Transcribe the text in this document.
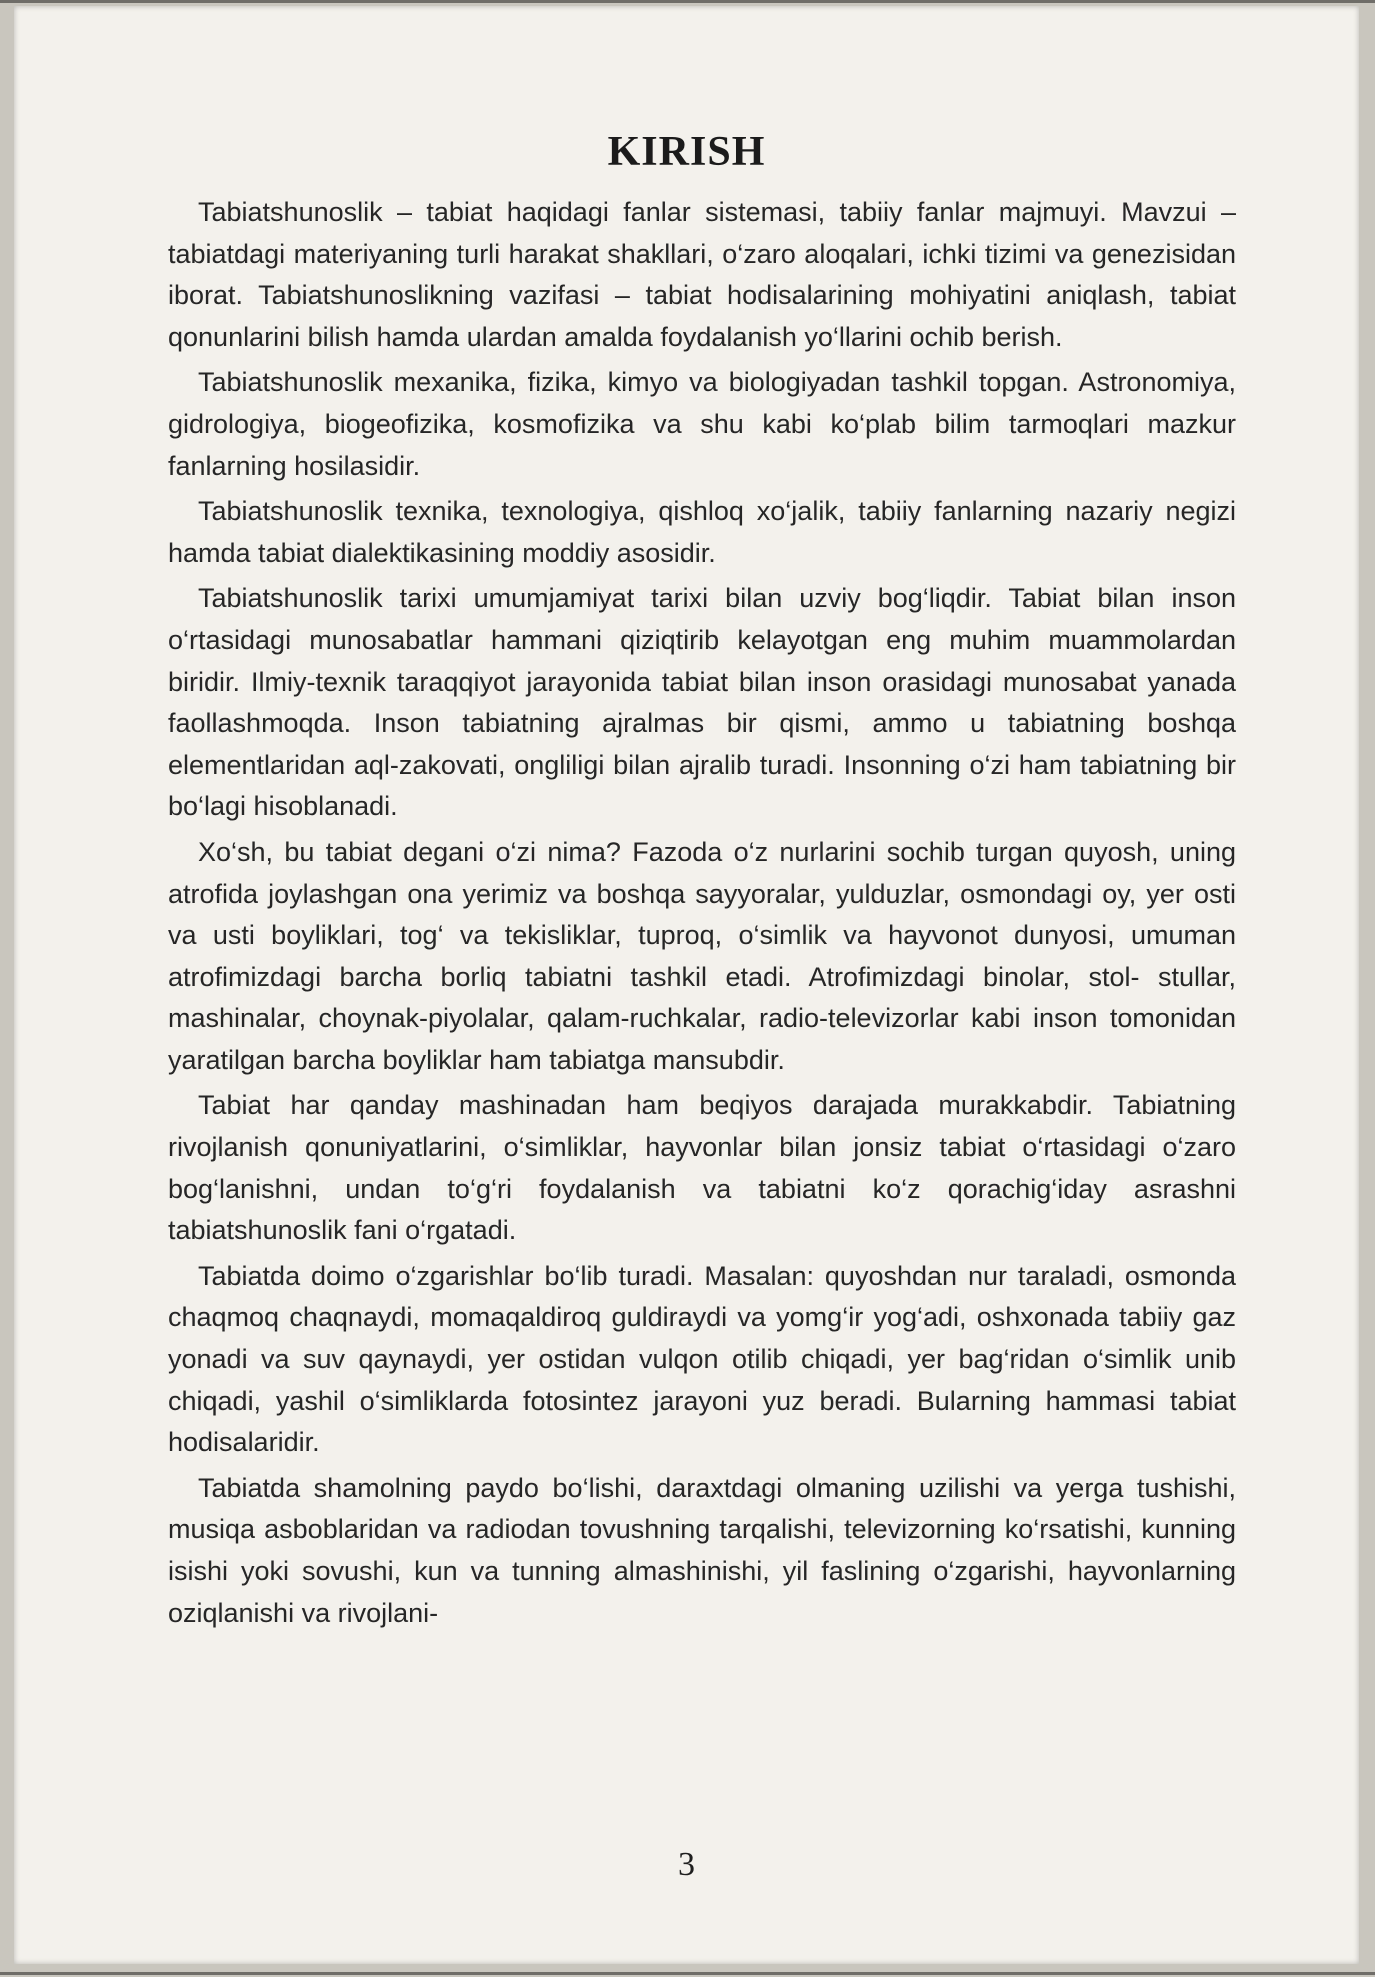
KIRISH

Tabiatshunoslik – tabiat haqidagi fanlar sistemasi, tabiiy fanlar majmuyi. Mavzui – tabiatdagi materiyaning turli harakat shakllari, o‘zaro aloqalari, ichki tizimi va genezisidan iborat. Tabiatshunoslikning vazifasi – tabiat hodisalarining mohiyatini aniqlash, tabiat qonunlarini bilish hamda ulardan amalda foydalanish yo‘llarini ochib berish.

Tabiatshunoslik mexanika, fizika, kimyo va biologiyadan tashkil topgan. Astronomiya, gidrologiya, biogeofizika, kosmofizika va shu kabi ko‘plab bilim tarmoqlari mazkur fanlarning hosilasidir.

Tabiatshunoslik texnika, texnologiya, qishloq xo‘jalik, tabiiy fanlarning nazariy negizi hamda tabiat dialektikasining moddiy asosidir.

Tabiatshunoslik tarixi umumjamiyat tarixi bilan uzviy bog‘liqdir. Tabiat bilan inson o‘rtasidagi munosabatlar hammani qiziqtirib kelayotgan eng muhim muammolardan biridir. Ilmiy-texnik taraqqiyot jarayonida tabiat bilan inson orasidagi munosabat yanada faollashmoqda. Inson tabiatning ajralmas bir qismi, ammo u tabiatning boshqa elementlaridan aql-zakovati, ongliligi bilan ajralib turadi. Insonning o‘zi ham tabiatning bir bo‘lagi hisoblanadi.

Xo‘sh, bu tabiat degani o‘zi nima? Fazoda o‘z nurlarini sochib turgan quyosh, uning atrofida joylashgan ona yerimiz va boshqa sayyoralar, yulduzlar, osmondagi oy, yer osti va usti boyliklari, tog‘ va tekisliklar, tuproq, o‘simlik va hayvonot dunyosi, umuman atrofimizdagi barcha borliq tabiatni tashkil etadi. Atrofimizdagi binolar, stol- stullar, mashinalar, choynak-piyolalar, qalam-ruchkalar, radio-televizorlar kabi inson tomonidan yaratilgan barcha boyliklar ham tabiatga mansubdir.

Tabiat har qanday mashinadan ham beqiyos darajada murakkabdir. Tabiatning rivojlanish qonuniyatlarini, o‘simliklar, hayvonlar bilan jonsiz tabiat o‘rtasidagi o‘zaro bog‘lanishni, undan to‘g‘ri foydalanish va tabiatni ko‘z qorachig‘iday asrashni tabiatshunoslik fani o‘rgatadi.

Tabiatda doimo o‘zgarishlar bo‘lib turadi. Masalan: quyoshdan nur taraladi, osmonda chaqmoq chaqnaydi, momaqaldiroq guldiraydi va yomg‘ir yog‘adi, oshxonada tabiiy gaz yonadi va suv qaynaydi, yer ostidan vulqon otilib chiqadi, yer bag‘ridan o‘simlik unib chiqadi, yashil o‘simliklarda fotosintez jarayoni yuz beradi. Bularning hammasi tabiat hodisalaridir.

Tabiatda shamolning paydo bo‘lishi, daraxtdagi olmaning uzilishi va yerga tushishi, musiqa asboblaridan va radiodan tovushning tarqalishi, televizorning ko‘rsatishi, kunning isishi yoki sovushi, kun va tunning almashinishi, yil faslining o‘zgarishi, hayvonlarning oziqlanishi va rivojlani-

3
